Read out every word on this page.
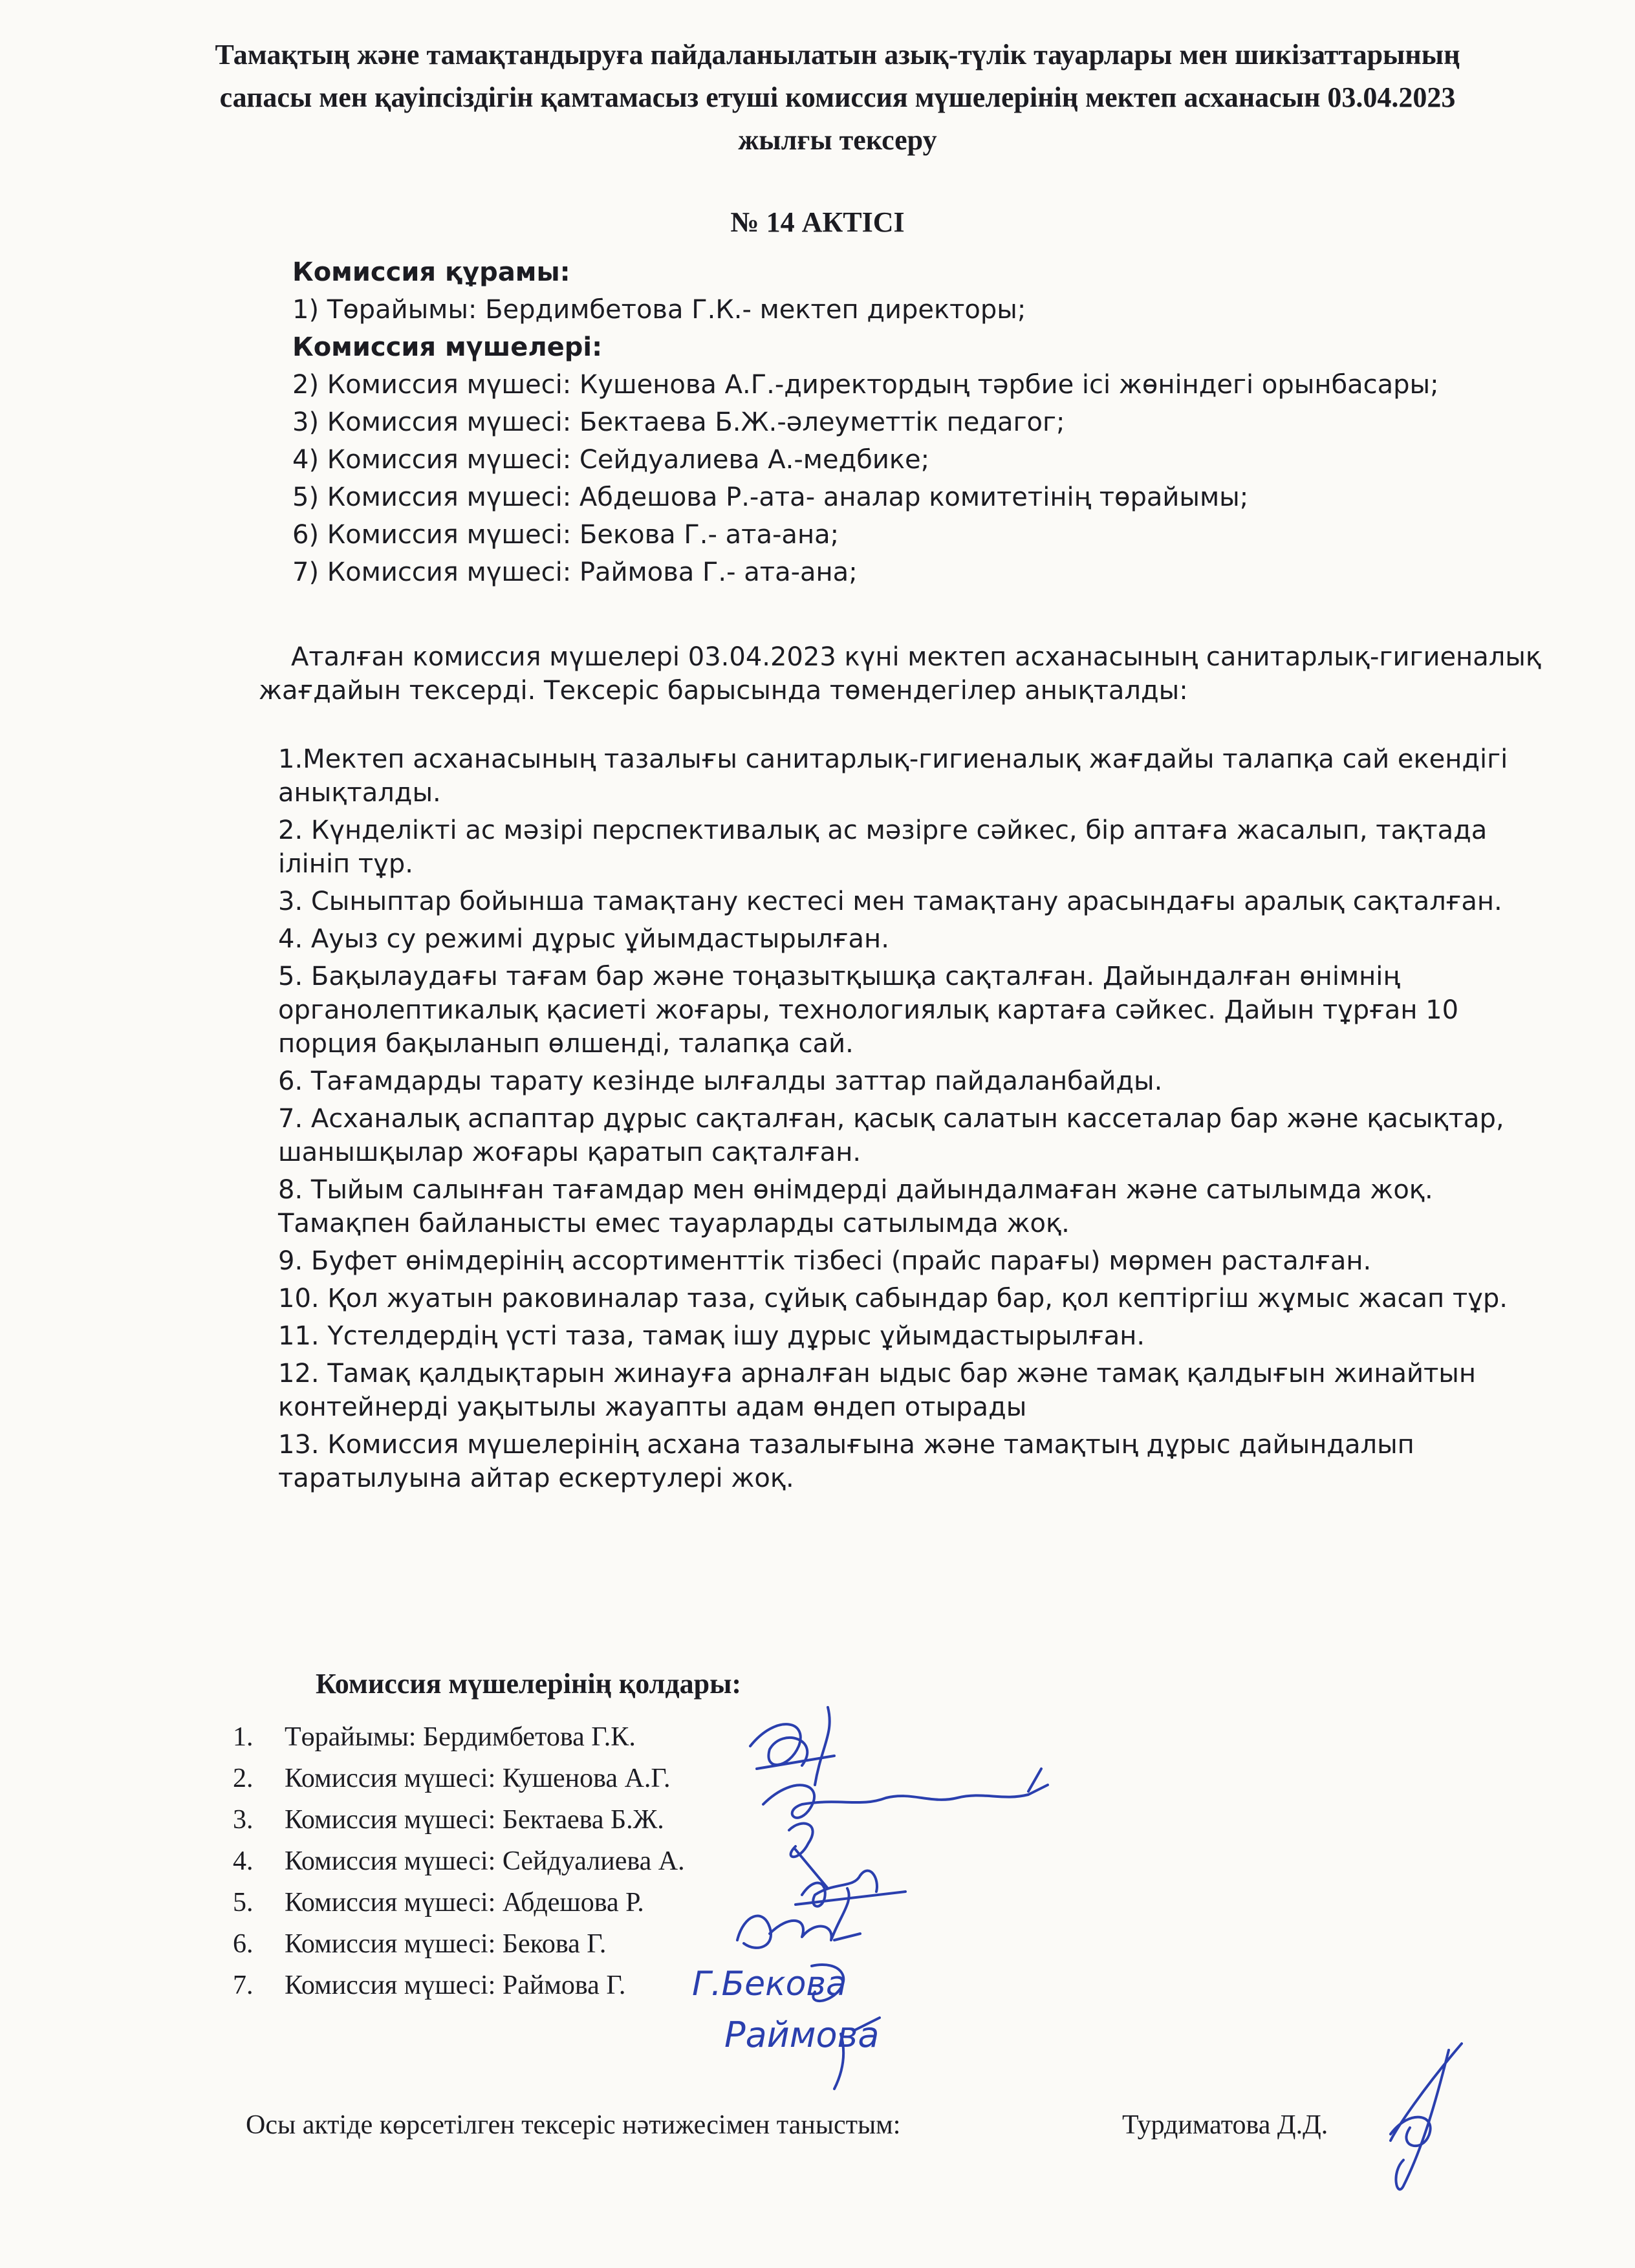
Тамақтың және тамақтандыруға пайдаланылатын азық-түлік тауарлары мен шикізаттарының сапасы мен қауіпсіздігін қамтамасыз етуші комиссия мүшелерінің мектеп асханасын 03.04.2023 жылғы тексеру
№ 14 АКТІСІ
Комиссия құрамы:
1) Төрайымы: Бердимбетова Г.К.- мектеп директоры;
Комиссия мүшелері:
2) Комиссия мүшесі: Кушенова А.Г.-директордың тәрбие ісі жөніндегі орынбасары;
3) Комиссия мүшесі: Бектаева Б.Ж.-әлеуметтік педагог;
4) Комиссия мүшесі: Сейдуалиева А.-медбике;
5) Комиссия мүшесі: Абдешова Р.-ата- аналар комитетінің төрайымы;
6) Комиссия мүшесі: Бекова Г.- ата-ана;
7) Комиссия мүшесі: Раймова Г.- ата-ана;
Аталған комиссия мүшелері 03.04.2023 күні мектеп асханасының санитарлық-гигиеналық жағдайын тексерді. Тексеріс барысында төмендегілер анықталды:

1.Мектеп асханасының тазалығы санитарлық-гигиеналық жағдайы талапқа сай екендігі анықталды.

2. Күнделікті ас мәзірі перспективалық ас мәзірге сәйкес, бір аптаға жасалып, тақтада ілініп тұр.

3. Сыныптар бойынша тамақтану кестесі мен тамақтану арасындағы аралық сақталған.

4. Ауыз су режимі дұрыс ұйымдастырылған.

5. Бақылаудағы тағам бар және тоңазытқышқа сақталған. Дайындалған өнімнің органолептикалық қасиеті жоғары, технологиялық картаға сәйкес. Дайын тұрған 10 порция бақыланып өлшенді, талапқа сай.

6. Тағамдарды тарату кезінде ылғалды заттар пайдаланбайды.

7. Асханалық аспаптар дұрыс сақталған, қасық салатын кассеталар бар және қасықтар, шанышқылар жоғары қаратып сақталған.

8. Тыйым салынған тағамдар мен өнімдерді дайындалмаған және сатылымда жоқ. Тамақпен байланысты емес тауарларды сатылымда жоқ.

9. Буфет өнімдерінің ассортименттік тізбесі (прайс парағы) мөрмен расталған.

10. Қол жуатын раковиналар таза, сұйық сабындар бар, қол кептіргіш жұмыс жасап тұр.

11. Үстелдердің үсті таза, тамақ ішу дұрыс ұйымдастырылған.

12. Тамақ қалдықтарын жинауға арналған ыдыс бар және тамақ қалдығын жинайтын контейнерді уақытылы жауапты адам өндеп отырады

13. Комиссия мүшелерінің асхана тазалығына және тамақтың дұрыс дайындалып таратылуына айтар ескертулері жоқ.

Комиссия мүшелерінің қолдары:
1.	Төрайымы: Бердимбетова Г.К.
2.	Комиссия мүшесі: Кушенова А.Г.
3.	Комиссия мүшесі: Бектаева Б.Ж.
4.	Комиссия мүшесі: Сейдуалиева А.
5.	Комиссия мүшесі: Абдешова Р.
6.	Комиссия мүшесі: Бекова Г.
7.	Комиссия мүшесі: Раймова Г.
Осы актіде көрсетілген тексеріс нәтижесімен таныстым:	Турдиматова Д.Д.
Г.Бекова
Раймова
